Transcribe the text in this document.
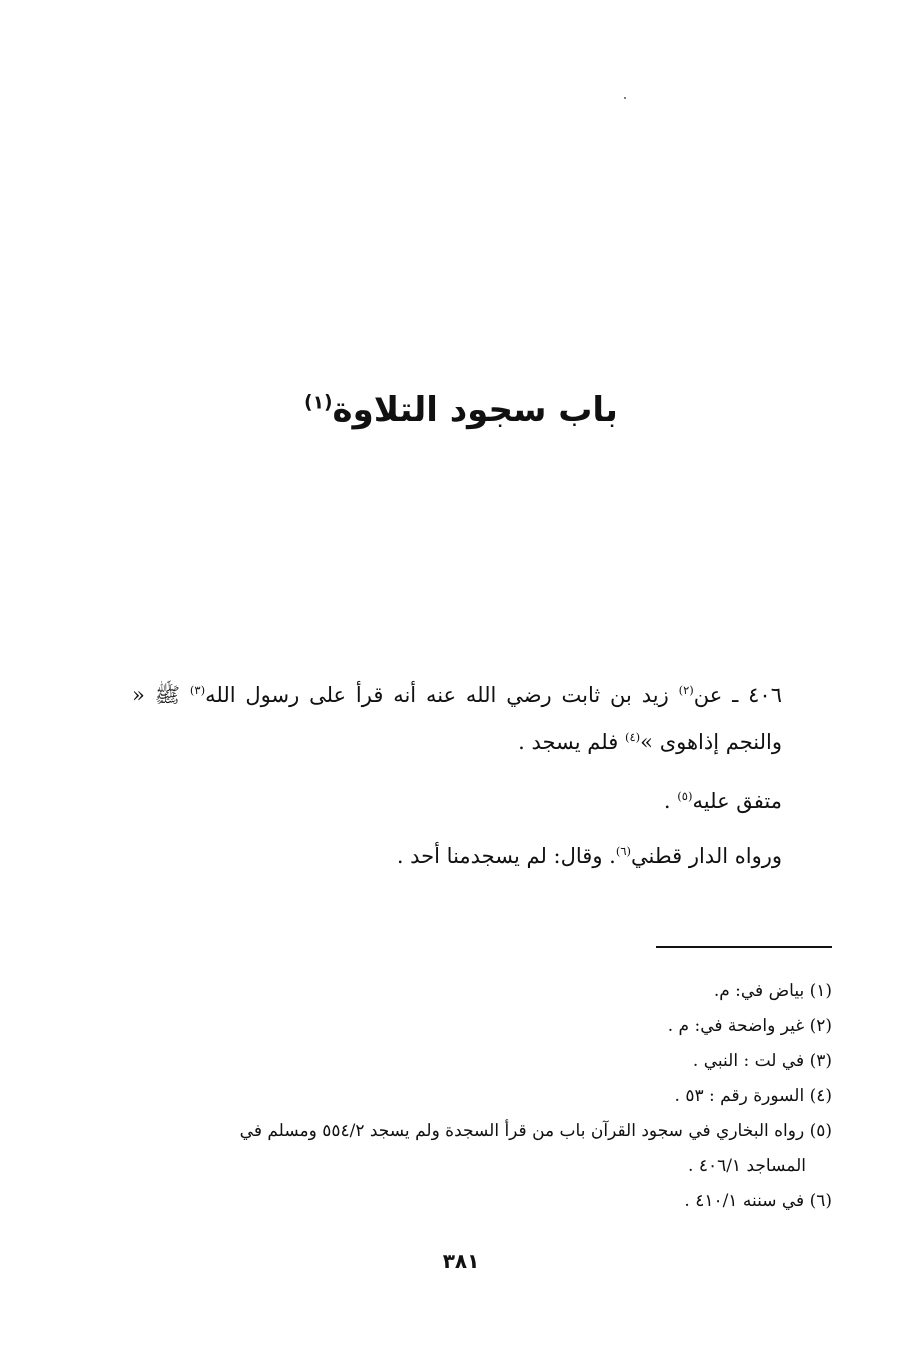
باب سجود التلاوة$^{(١)}$

٤٠٦ ـ عن$^{(٢)}$ زيد بن ثابت رضي الله عنه أنه قرأ على رسول الله$^{(٣)}$ ﷺ « والنجم إذاهوى »$^{(٤)}$ فلم يسجد .

متفق عليه$^{(٥)}$ .

ورواه الدار قطني$^{(٦)}$. وقال: لم يسجدمنا أحد .

(١) بياض في: م.

(٢) غير واضحة في: م .

(٣) في لت : النبي .

(٤) السورة رقم : ٥٣ .

(٥) رواه البخاري في سجود القرآن باب من قرأ السجدة ولم يسجد ٥٥٤/٢ ومسلم في
المساجد ٤٠٦/١ .

(٦) في سننه ٤١٠/١ .

٣٨١
